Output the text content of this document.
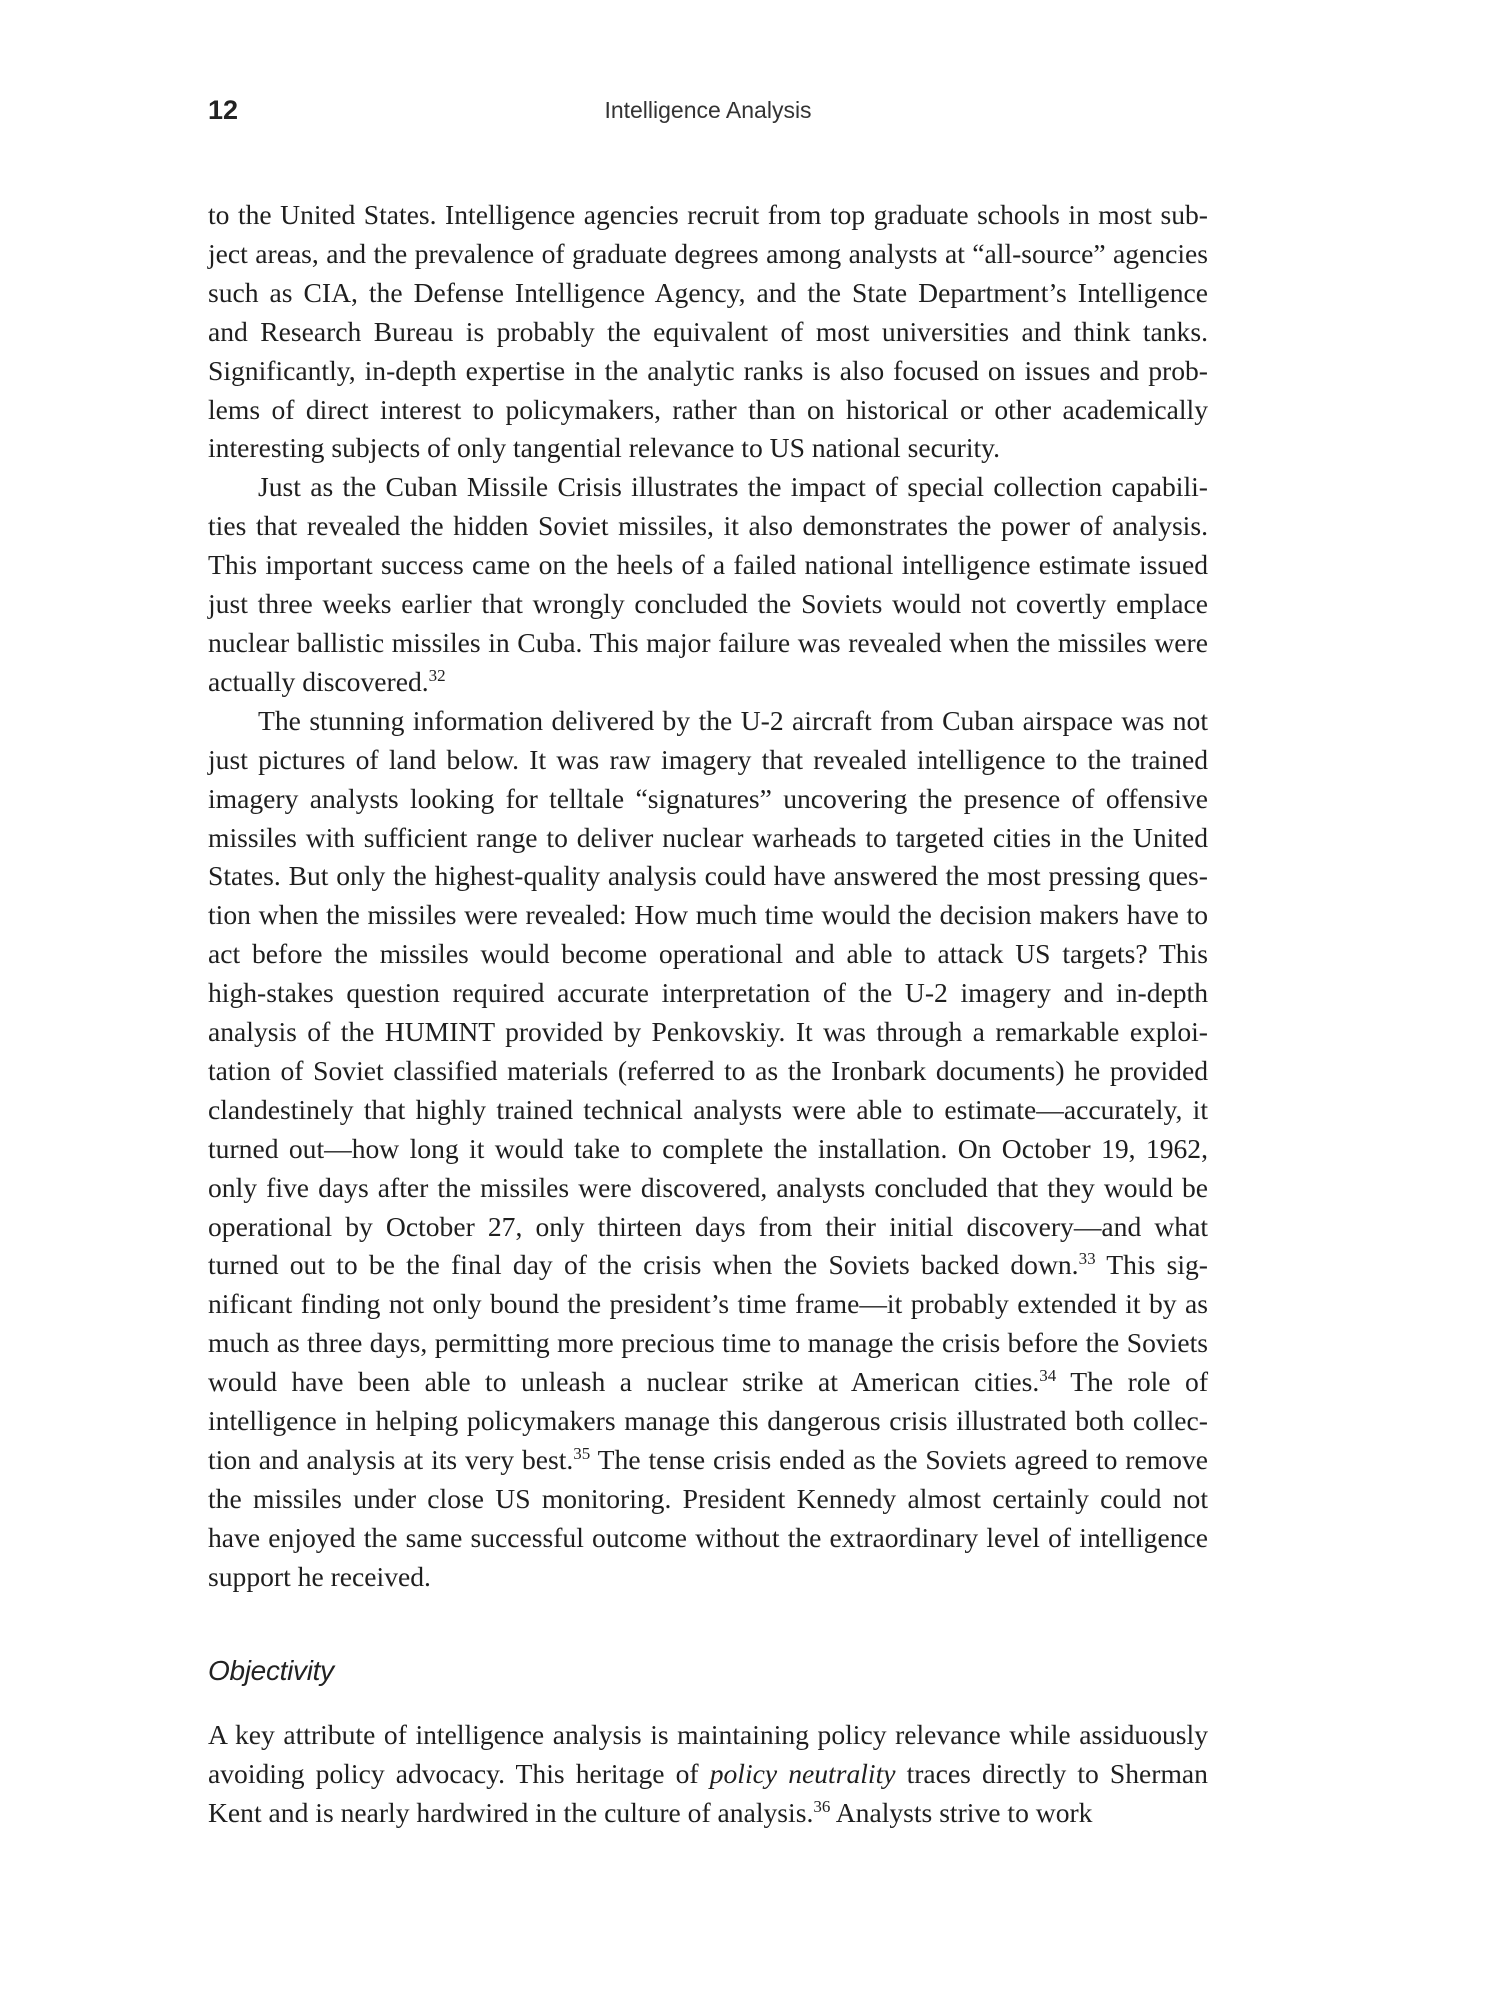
12	Intelligence Analysis

to the United States. Intelligence agencies recruit from top graduate schools in most subject areas, and the prevalence of graduate degrees among analysts at “all-source” agencies such as CIA, the Defense Intelligence Agency, and the State Department’s Intelligence and Research Bureau is probably the equivalent of most universities and think tanks. Significantly, in-depth expertise in the analytic ranks is also focused on issues and problems of direct interest to policymakers, rather than on historical or other academically interesting subjects of only tangential relevance to US national security.

Just as the Cuban Missile Crisis illustrates the impact of special collection capabilities that revealed the hidden Soviet missiles, it also demonstrates the power of analysis. This important success came on the heels of a failed national intelligence estimate issued just three weeks earlier that wrongly concluded the Soviets would not covertly emplace nuclear ballistic missiles in Cuba. This major failure was revealed when the missiles were actually discovered.$^{32}$

The stunning information delivered by the U-2 aircraft from Cuban airspace was not just pictures of land below. It was raw imagery that revealed intelligence to the trained imagery analysts looking for telltale “signatures” uncovering the presence of offensive missiles with sufficient range to deliver nuclear warheads to targeted cities in the United States. But only the highest-quality analysis could have answered the most pressing question when the missiles were revealed: How much time would the decision makers have to act before the missiles would become operational and able to attack US targets? This high-stakes question required accurate interpretation of the U-2 imagery and in-depth analysis of the HUMINT provided by Penkovskiy. It was through a remarkable exploitation of Soviet classified materials (referred to as the Ironbark documents) he provided clandestinely that highly trained technical analysts were able to estimate—accurately, it turned out—how long it would take to complete the installation. On October 19, 1962, only five days after the missiles were discovered, analysts concluded that they would be operational by October 27, only thirteen days from their initial discovery—and what turned out to be the final day of the crisis when the Soviets backed down.$^{33}$ This significant finding not only bound the president’s time frame—it probably extended it by as much as three days, permitting more precious time to manage the crisis before the Soviets would have been able to unleash a nuclear strike at American cities.$^{34}$ The role of intelligence in helping policymakers manage this dangerous crisis illustrated both collection and analysis at its very best.$^{35}$ The tense crisis ended as the Soviets agreed to remove the missiles under close US monitoring. President Kennedy almost certainly could not have enjoyed the same successful outcome without the extraordinary level of intelligence support he received.

Objectivity

A key attribute of intelligence analysis is maintaining policy relevance while assiduously avoiding policy advocacy. This heritage of policy neutrality traces directly to Sherman Kent and is nearly hardwired in the culture of analysis.$^{36}$ Analysts strive to work
